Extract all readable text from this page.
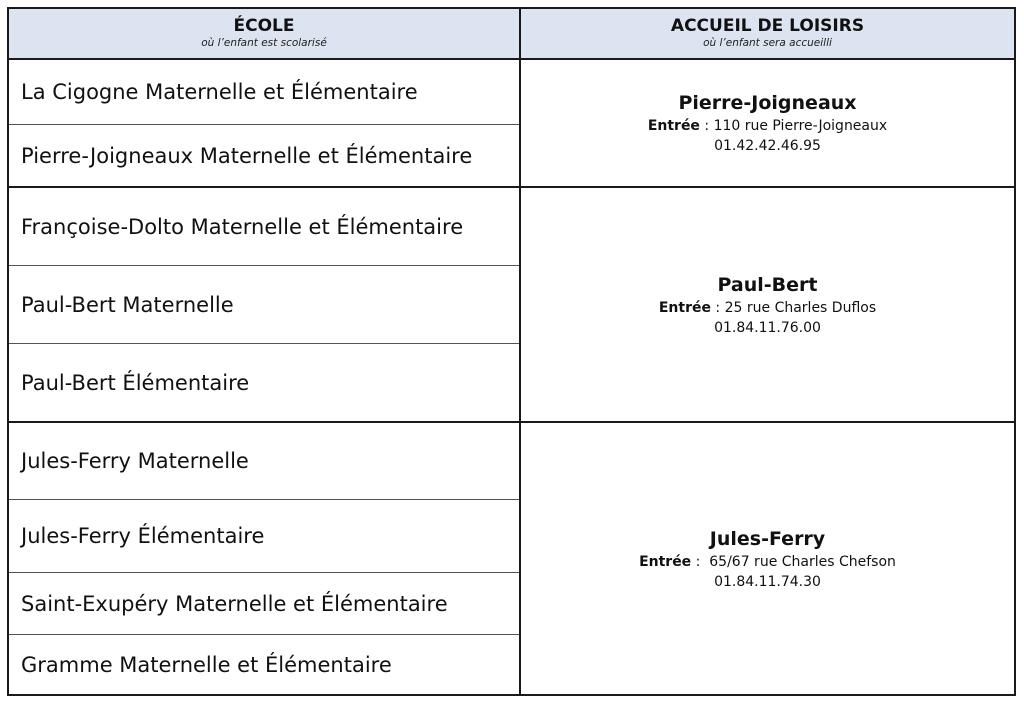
ÉCOLE
où l’enfant est scolarisé
ACCUEIL DE LOISIRS
où l’enfant sera accueilli
La Cigogne Maternelle et Élémentaire
Pierre-Joigneaux Maternelle et Élémentaire
Françoise-Dolto Maternelle et Élémentaire
Paul-Bert Maternelle
Paul-Bert Élémentaire
Jules-Ferry Maternelle
Jules-Ferry Élémentaire
Saint-Exupéry Maternelle et Élémentaire
Gramme Maternelle et Élémentaire
Pierre-Joigneaux
Entrée : 110 rue Pierre-Joigneaux
01.42.42.46.95
Paul-Bert
Entrée : 25 rue Charles Duflos
01.84.11.76.00
Jules-Ferry
Entrée :  65/67 rue Charles Chefson
01.84.11.74.30
